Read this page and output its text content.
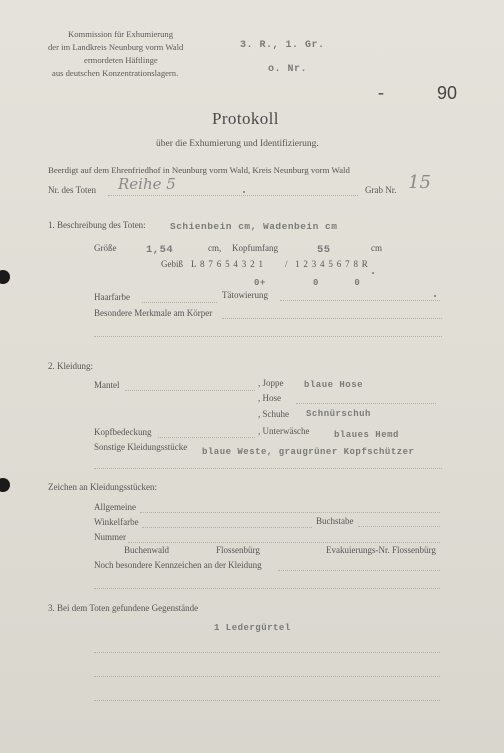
Kommission für Exhumierung
der im Landkreis Neunburg vorm Wald
ermordeten Häftlinge
aus deutschen Konzentrationslagern.
3. R., 1. Gr.
o. Nr.
-	90
Protokoll
über die Exhumierung und Identifizierung.
Beerdigt auf dem Ehrenfriedhof in Neunburg vorm Wald, Kreis Neunburg vorm Wald
Nr. des Toten Reihe 5	Grab Nr. 15
1. Beschreibung des Toten:	Schienbein cm, Wadenbein cm
Größe	1,54	cm, Kopfumfang	55	cm
Gebiß L 8 7 6 5 4 3 2 1 / 1 2 3 4 5 6 7 8 R
0+        0      0
Haarfarbe	Tätowierung
Besondere Merkmale am Körper
2. Kleidung:
Mantel	, Joppe blaue Hose
, Hose
, Schuhe Schnürschuh
Kopfbedeckung	, Unterwäsche	blaues Hemd
Sonstige Kleidungsstücke blaue Weste, graugrüner Kopfschützer
Zeichen an Kleidungsstücken:
Allgemeine
Winkelfarbe	Buchstabe
Nummer
Buchenwald	Flossenbürg	Evakuierungs-Nr. Flossenbürg
Noch besondere Kennzeichen an der Kleidung
3. Bei dem Toten gefundene Gegenstände
1 Ledergürtel
